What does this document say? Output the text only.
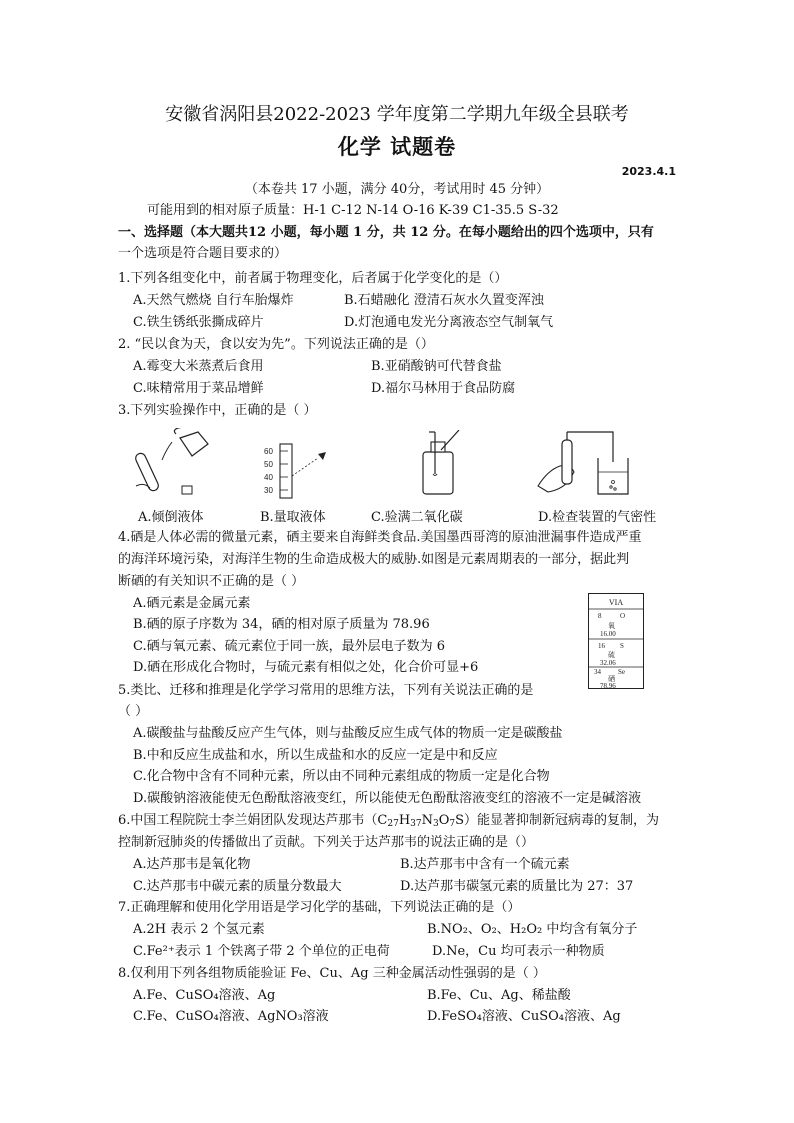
安徽省涡阳县2022-2023 学年度第二学期九年级全县联考
化学 试题卷
2023.4.1
（本卷共 17 小题，满分 40分，考试用时 45 分钟）
可能用到的相对原子质量：H-1 C-12 N-14 O-16 K-39 C1-35.5 S-32
一、选择题（本大题共12 小题，每小题 1 分，共 12 分。在每小题给出的四个选项中，只有
一个选项是符合题目要求的）
1.下列各组变化中，前者属于物理变化，后者属于化学变化的是（）
A.天然气燃烧 自行车胎爆炸	B.石蜡融化 澄清石灰水久置变浑浊
C.铁生锈纸张撕成碎片	D.灯泡通电发光分离液态空气制氧气
2. “民以食为天，食以安为先”。下列说法正确的是（）
A.霉变大米蒸煮后食用	B.亚硝酸钠可代替食盐
C.味精常用于菜品增鲜	D.福尔马林用于食品防腐
3.下列实验操作中，正确的是（ ）
60
50
40
30
A.倾倒液体	B.量取液体	C.验满二氧化碳	D.检查装置的气密性
4.硒是人体必需的微量元素，硒主要来自海鲜类食品.美国墨西哥湾的原油泄漏事件造成严重
的海洋环境污染，对海洋生物的生命造成极大的威胁.如图是元素周期表的一部分，据此判
断硒的有关知识不正确的是（ ）
A.硒元素是金属元素
B.硒的原子序数为 34，硒的相对原子质量为 78.96
C.硒与氧元素、硫元素位于同一族，最外层电子数为 6
D.硒在形成化合物时，与硫元素有相似之处，化合价可显+6
VIA
8	O
氧
16.00
16 S
硫
32.06
34 Se
硒
78.96
5.类比、迁移和推理是化学学习常用的思维方法，下列有关说法正确的是
（ ）
A.碳酸盐与盐酸反应产生气体，则与盐酸反应生成气体的物质一定是碳酸盐
B.中和反应生成盐和水，所以生成盐和水的反应一定是中和反应
C.化合物中含有不同种元素，所以由不同种元素组成的物质一定是化合物
D.碳酸钠溶液能使无色酚酞溶液变红，所以能使无色酚酞溶液变红的溶液不一定是碱溶液
6.中国工程院院士李兰娟团队发现达芦那韦$(C_{27}H_{37}N_3O_7S)$能显著抑制新冠病毒的复制，为
控制新冠肺炎的传播做出了贡献。下列关于达芦那韦的说法正确的是（）
A.达芦那韦是氧化物	B.达芦那韦中含有一个硫元素
C.达芦那韦中碳元素的质量分数最大	D.达芦那韦碳氢元素的质量比为 27：37
7.正确理解和使用化学用语是学习化学的基础，下列说法正确的是（）
A.2H 表示 2 个氢元素	B.NO₂、O₂、H₂O₂ 中均含有氧分子
C.Fe²⁺表示 1 个铁离子带 2 个单位的正电荷	D.Ne，Cu 均可表示一种物质
8.仅利用下列各组物质能验证 Fe、Cu、Ag 三种金属活动性强弱的是（ ）
A.Fe、CuSO₄溶液、Ag	B.Fe、Cu、Ag、稀盐酸
C.Fe、CuSO₄溶液、AgNO₃溶液	D.FeSO₄溶液、CuSO₄溶液、Ag
